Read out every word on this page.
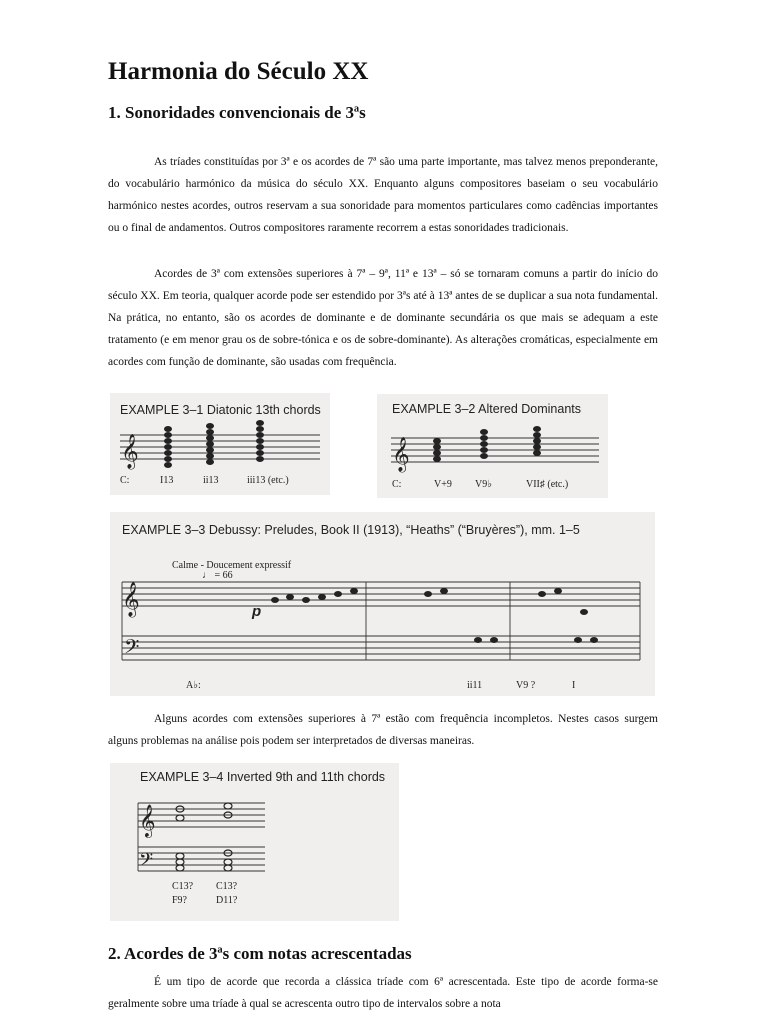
Harmonia do Século XX
1. Sonoridades convencionais de 3ªs

As tríades constituídas por 3ª e os acordes de 7ª são uma parte importante, mas talvez menos preponderante, do vocabulário harmónico da música do século XX. Enquanto alguns compositores baseiam o seu vocabulário harmónico nestes acordes, outros reservam a sua sonoridade para momentos particulares como cadências importantes ou o final de andamentos. Outros compositores raramente recorrem a estas sonoridades tradicionais.

Acordes de 3ª com extensões superiores à 7ª – 9ª, 11ª e 13ª – só se tornaram comuns a partir do início do século XX. Em teoria, qualquer acorde pode ser estendido por 3ªs até à 13ª antes de se duplicar a sua nota fundamental. Na prática, no entanto, são os acordes de dominante e de dominante secundária os que mais se adequam a este tratamento (e em menor grau os de sobre-tónica e os de sobre-dominante). As alterações cromáticas, especialmente em acordes com função de dominante, são usadas com frequência.

EXAMPLE 3–1 Diatonic 13th chords
𝄞
C:	I13	ii13	iii13 (etc.)
EXAMPLE 3–2 Altered Dominants
𝄞
C:	V+9 V9♭	VII♯ (etc.)
EXAMPLE 3–3 Debussy: Preludes, Book II (1913), “Heaths” (“Bruyères”), mm. 1–5
Calme - Doucement expressif
♩ = 66
𝄞
𝄢
p
A♭:	ii11	V9 ?	I

Alguns acordes com extensões superiores à 7ª estão com frequência incompletos. Nestes casos surgem alguns problemas na análise pois podem ser interpretados de diversas maneiras.

EXAMPLE 3–4 Inverted 9th and 11th chords
𝄞
𝄢
C13? C13?
F9?	D11?
2. Acordes de 3ªs com notas acrescentadas

É um tipo de acorde que recorda a clássica tríade com 6ª acrescentada. Este tipo de acorde forma-se geralmente sobre uma tríade à qual se acrescenta outro tipo de intervalos sobre a nota
